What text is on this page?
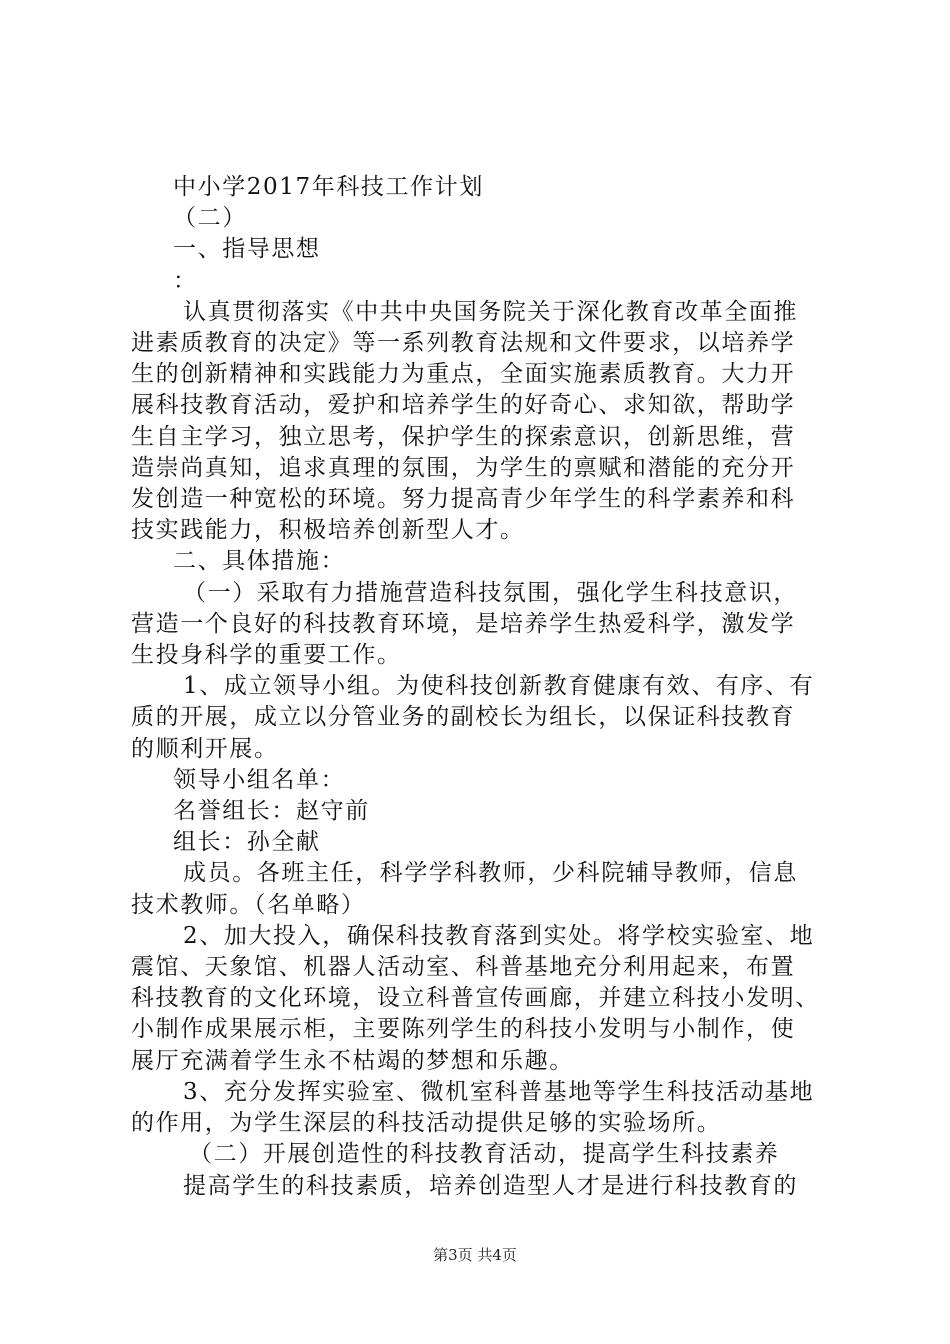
中小学2017年科技工作计划
（二）
一、指导思想
：
认真贯彻落实《中共中央国务院关于深化教育改革全面推
进素质教育的决定》等一系列教育法规和文件要求，以培养学
生的创新精神和实践能力为重点，全面实施素质教育。大力开
展科技教育活动，爱护和培养学生的好奇心、求知欲，帮助学
生自主学习，独立思考，保护学生的探索意识，创新思维，营
造崇尚真知，追求真理的氛围，为学生的禀赋和潜能的充分开
发创造一种宽松的环境。努力提高青少年学生的科学素养和科
技实践能力，积极培养创新型人才。
二、具体措施：
（一）采取有力措施营造科技氛围，强化学生科技意识，
营造一个良好的科技教育环境，是培养学生热爱科学，激发学
生投身科学的重要工作。
1、成立领导小组。为使科技创新教育健康有效、有序、有
质的开展，成立以分管业务的副校长为组长，以保证科技教育
的顺利开展。
领导小组名单：
名誉组长：赵守前
组长：孙全献
成员。各班主任，科学学科教师，少科院辅导教师，信息
技术教师。（名单略）
2、加大投入，确保科技教育落到实处。将学校实验室、地
震馆、天象馆、机器人活动室、科普基地充分利用起来，布置
科技教育的文化环境，设立科普宣传画廊，并建立科技小发明、
小制作成果展示柜，主要陈列学生的科技小发明与小制作，使
展厅充满着学生永不枯竭的梦想和乐趣。
3、充分发挥实验室、微机室科普基地等学生科技活动基地
的作用，为学生深层的科技活动提供足够的实验场所。
（二）开展创造性的科技教育活动，提高学生科技素养
提高学生的科技素质，培养创造型人才是进行科技教育的
第3页 共4页
